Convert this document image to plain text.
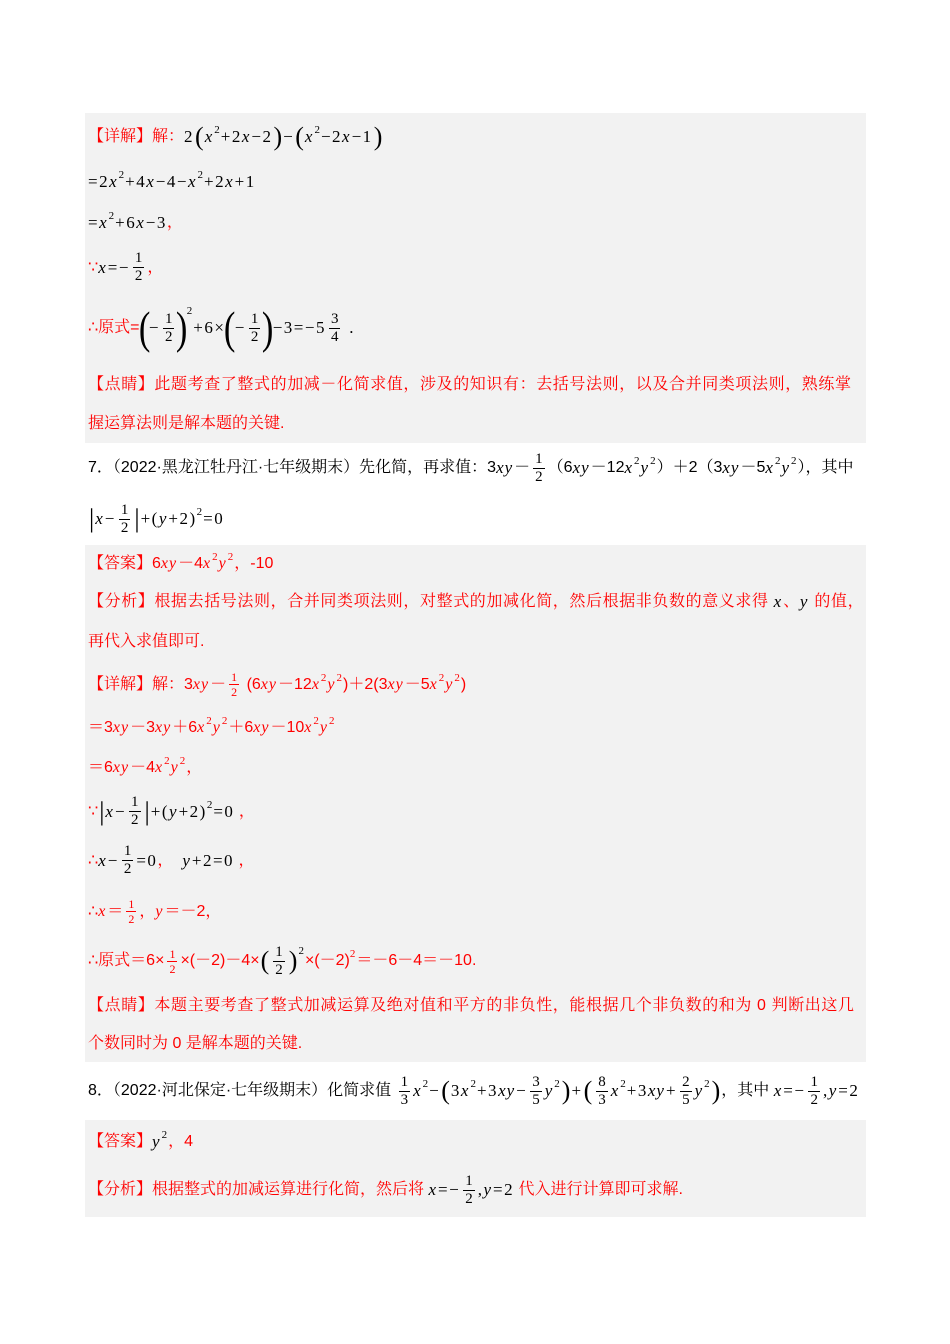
【详解】解： 2 ( x 2 +2 x −2 ) − ( x 2 −2 x −1 )
=2 x 2 +4 x −4− x 2 +2 x +1
= x 2 +6 x −3 ，
∵ $x =- \frac{1}{2}$ ，
∴原式=
(
− $\frac{1}{2}$ )
2
+6×
(
− $\frac{1}{2}$ )
$-3=-5 \frac{3}{4}$ .
【点睛】此题考查了整式的加减－化简求值，涉及的知识有：去括号法则，以及合并同类项法则，熟练掌
握运算法则是解本题的关键.
7．（2022·黑龙江牡丹江·七年级期末）先化简，再求值： 3 xy － $\frac{1}{2} (6$ xy －12 x 2 y 2 ）＋2（3 xy －5 x 2 y 2 ），其中
| $x - \frac{1}{2}$ | +( y +2) 2 =0
【答案】6 xy －4 x 2 y 2 ，-10
【分析】根据去括号法则，合并同类项法则，对整式的加减化简，然后根据非负数的意义求得 x 、 y 的值，
再代入求值即可.
【详解】解：3 xy － $\frac{1}{2} (6$ xy －12 x 2 y 2 )＋2(3 xy －5 x 2 y 2 )
＝3 xy －3 xy ＋6 x 2 y 2 ＋6 xy －10 x 2 y 2
＝6 xy －4 x 2 y 2 ，
∵ | $x - \frac{1}{2}$ | +( y +2) 2 =0 ，
∴ $x - \frac{1}{2} =0$ ， y +2=0 ，
∴ $x = \frac{1}{2}$ ， y ＝－2，
∴原式$=6\times \frac{1}{2} \times(-2)-4\times$ ( $\frac{1}{2}$ ) 2
×(－2) 2 ＝－6－4＝－10.
【点睛】本题主要考查了整式加减运算及绝对值和平方的非负性，能根据几个非负数的和为 0 判断出这几
个数同时为 0 是解本题的关键.
8．（2022·河北保定·七年级期末）化简求值 $\frac{1}{3}$ x 2 − ( 3 x 2 +3 xy − $\frac{3}{5}$ y 2 ) + ( $\frac{8}{3}$ x 2 +3 xy + $\frac{2}{5}$ y 2 ) ，其中 $x =- \frac{1}{2}$ , y =2
【答案】 y 2 ，4
【分析】根据整式的加减运算进行化简，然后将 $x =- \frac{1}{2}$ , y =2 代入进行计算即可求解.
